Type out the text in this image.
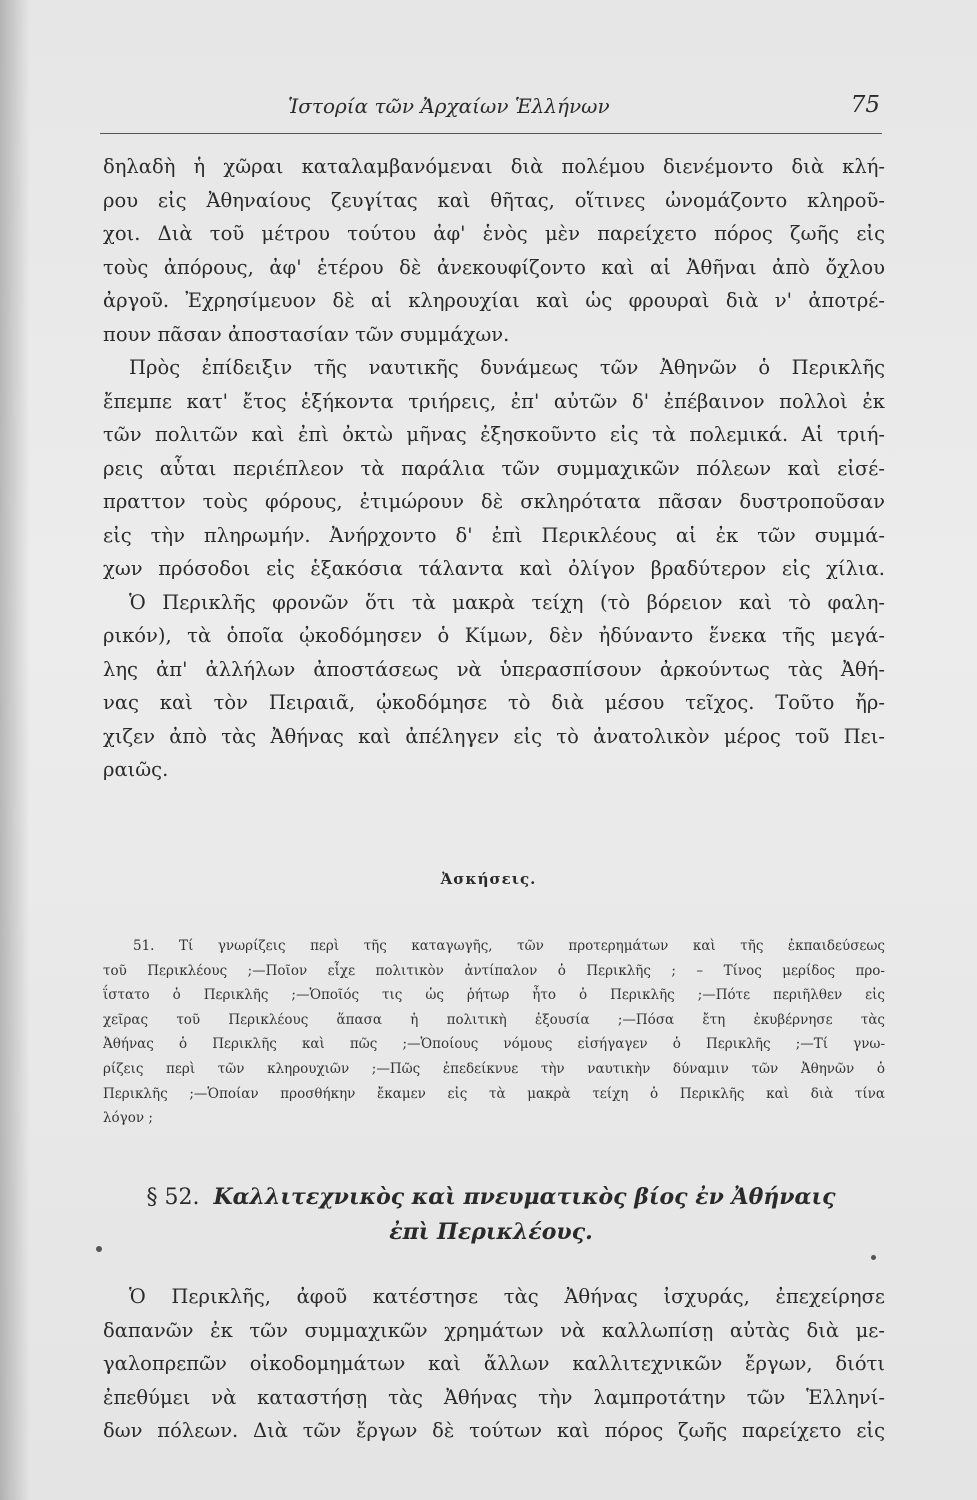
Ἱστορία τῶν Ἀρχαίων Ἑλλήνων	75
δηλαδὴ ἡ χῶραι καταλαμβανόμεναι διὰ πολέμου διενέμοντο διὰ κλή-
ρου εἰς Ἀθηναίους ζευγίτας καὶ θῆτας, οἵτινες ὠνομάζοντο κληροῦ-
χοι. Διὰ τοῦ μέτρου τούτου ἀφ' ἑνὸς μὲν παρείχετο πόρος ζωῆς εἰς
τοὺς ἀπόρους, ἀφ' ἑτέρου δὲ ἀνεκουφίζοντο καὶ αἱ Ἀθῆναι ἀπὸ ὄχλου
ἀργοῦ. Ἐχρησίμευον δὲ αἱ κληρουχίαι καὶ ὡς φρουραὶ διὰ ν' ἀποτρέ-
πουν πᾶσαν ἀποστασίαν τῶν συμμάχων.
Πρὸς ἐπίδειξιν τῆς ναυτικῆς δυνάμεως τῶν Ἀθηνῶν ὁ Περικλῆς
ἔπεμπε κατ' ἔτος ἑξήκοντα τριήρεις, ἐπ' αὐτῶν δ' ἐπέβαινον πολλοὶ ἐκ
τῶν πολιτῶν καὶ ἐπὶ ὀκτὼ μῆνας ἐξησκοῦντο εἰς τὰ πολεμικά. Αἱ τριή-
ρεις αὗται περιέπλεον τὰ παράλια τῶν συμμαχικῶν πόλεων καὶ εἰσέ-
πραττον τοὺς φόρους, ἐτιμώρουν δὲ σκληρότατα πᾶσαν δυστροποῦσαν
εἰς τὴν πληρωμήν. Ἀνήρχοντο δ' ἐπὶ Περικλέους αἱ ἐκ τῶν συμμά-
χων πρόσοδοι εἰς ἑξακόσια τάλαντα καὶ ὀλίγον βραδύτερον εἰς χίλια.
Ὁ Περικλῆς φρονῶν ὅτι τὰ μακρὰ τείχη (τὸ βόρειον καὶ τὸ φαλη-
ρικόν), τὰ ὁποῖα ᾠκοδόμησεν ὁ Κίμων, δὲν ἠδύναντο ἕνεκα τῆς μεγά-
λης ἀπ' ἀλλήλων ἀποστάσεως νὰ ὑπερασπίσουν ἀρκούντως τὰς Ἀθή-
νας καὶ τὸν Πειραιᾶ, ᾠκοδόμησε τὸ διὰ μέσου τεῖχος. Τοῦτο ἤρ-
χιζεν ἀπὸ τὰς Ἀθήνας καὶ ἀπέληγεν εἰς τὸ ἀνατολικὸν μέρος τοῦ Πει-
ραιῶς.
Ἀσκήσεις.
51. Τί γνωρίζεις περὶ τῆς καταγωγῆς, τῶν προτερημάτων καὶ τῆς ἐκπαιδεύσεως
τοῦ Περικλέους ;—Ποῖον εἶχε πολιτικὸν ἀντίπαλον ὁ Περικλῆς ; – Τίνος μερίδος προ-
ΐστατο ὁ Περικλῆς ;—Ὁποῖός τις ὡς ῥήτωρ ἦτο ὁ Περικλῆς ;—Πότε περιῆλθεν εἰς
χεῖρας τοῦ Περικλέους ἅπασα ἡ πολιτικὴ ἐξουσία ;—Πόσα ἔτη ἐκυβέρνησε τὰς
Ἀθήνας ὁ Περικλῆς καὶ πῶς ;—Ὁποίους νόμους εἰσήγαγεν ὁ Περικλῆς ;—Τί γνω-
ρίζεις περὶ τῶν κληρουχιῶν ;—Πῶς ἐπεδείκνυε τὴν ναυτικὴν δύναμιν τῶν Ἀθηνῶν ὁ
Περικλῆς ;—Ὁποίαν προσθήκην ἔκαμεν εἰς τὰ μακρὰ τείχη ὁ Περικλῆς καὶ διὰ τίνα
λόγον ;
§ 52. Καλλιτεχνικὸς καὶ πνευματικὸς βίος ἐν Ἀθήναις
ἐπὶ Περικλέους.
Ὁ Περικλῆς, ἀφοῦ κατέστησε τὰς Ἀθήνας ἰσχυράς, ἐπεχείρησε
δαπανῶν ἐκ τῶν συμμαχικῶν χρημάτων νὰ καλλωπίσῃ αὐτὰς διὰ με-
γαλοπρεπῶν οἰκοδομημάτων καὶ ἄλλων καλλιτεχνικῶν ἔργων, διότι
ἐπεθύμει νὰ καταστήσῃ τὰς Ἀθήνας τὴν λαμπροτάτην τῶν Ἑλληνί-
δων πόλεων. Διὰ τῶν ἔργων δὲ τούτων καὶ πόρος ζωῆς παρείχετο εἰς
